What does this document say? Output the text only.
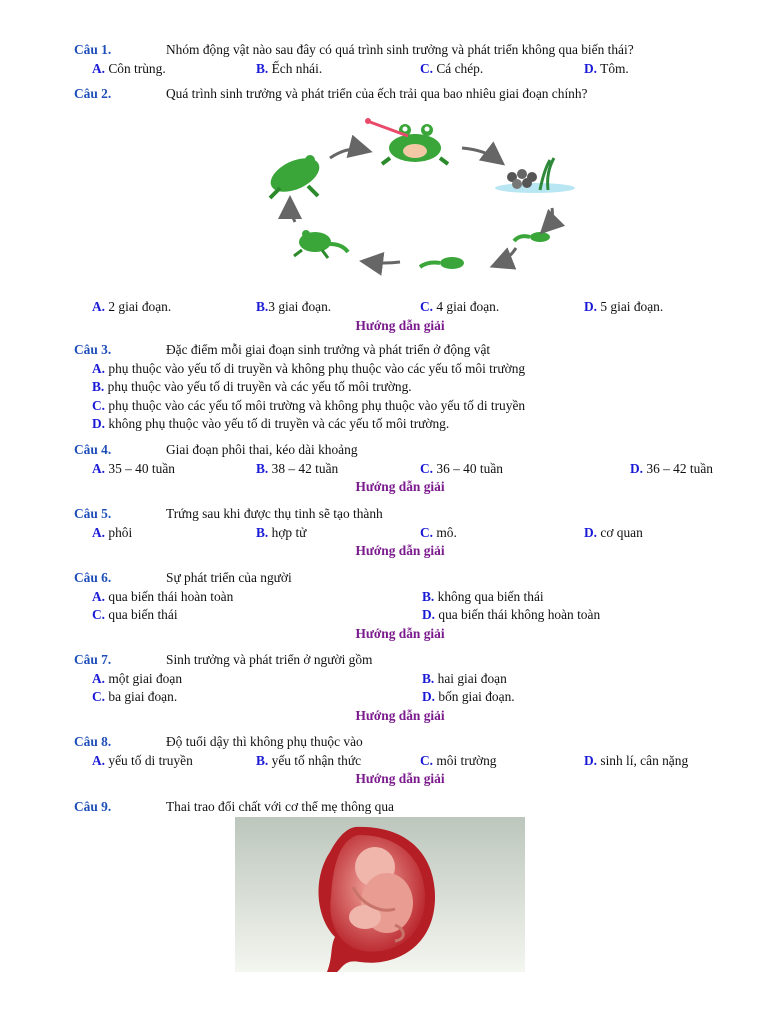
Câu 1.	Nhóm động vật nào sau đây có quá trình sinh trưởng và phát triển không qua biến thái?
A. Côn trùng.	B. Ếch nhái.	C. Cá chép.	D. Tôm.
Câu 2.	Quá trình sinh trưởng và phát triển của ếch trải qua bao nhiêu giai đoạn chính?
A. 2 giai đoạn.	B.3 giai đoạn.	C. 4 giai đoạn.	D. 5 giai đoạn.
Hướng dẫn giải
Câu 3.	Đặc điểm mỗi giai đoạn sinh trưởng và phát triển ở động vật
A. phụ thuộc vào yếu tố di truyền và không phụ thuộc vào các yếu tố môi trường
B. phụ thuộc vào yếu tố di truyền và các yếu tố môi trường.
C. phụ thuộc vào các yếu tố môi trường và không phụ thuộc vào yếu tố di truyền
D. không phụ thuộc vào yếu tố di truyền và các yếu tố môi trường.
Câu 4.	Giai đoạn phôi thai, kéo dài khoảng
A. 35 – 40 tuần	B. 38 – 42 tuần	C. 36 – 40 tuần	D. 36 – 42 tuần
Hướng dẫn giải
Câu 5.	Trứng sau khi được thụ tinh sẽ tạo thành
A. phôi	B. hợp tử	C. mô.	D. cơ quan
Hướng dẫn giải
Câu 6.	Sự phát triển của người
A. qua biến thái hoàn toàn	B. không qua biến thái
C. qua biến thái	D. qua biến thái không hoàn toàn
Hướng dẫn giải
Câu 7.	Sinh trưởng và phát triển ở người gồm
A. một giai đoạn	B. hai giai đoạn
C. ba giai đoạn.	D. bốn giai đoạn.
Hướng dẫn giải
Câu 8.	Độ tuổi dậy thì không phụ thuộc vào
A. yếu tố di truyền	B. yếu tố nhận thức	C. môi trường	D. sinh lí, cân nặng
Hướng dẫn giải
Câu 9.	Thai trao đổi chất với cơ thể mẹ thông qua
